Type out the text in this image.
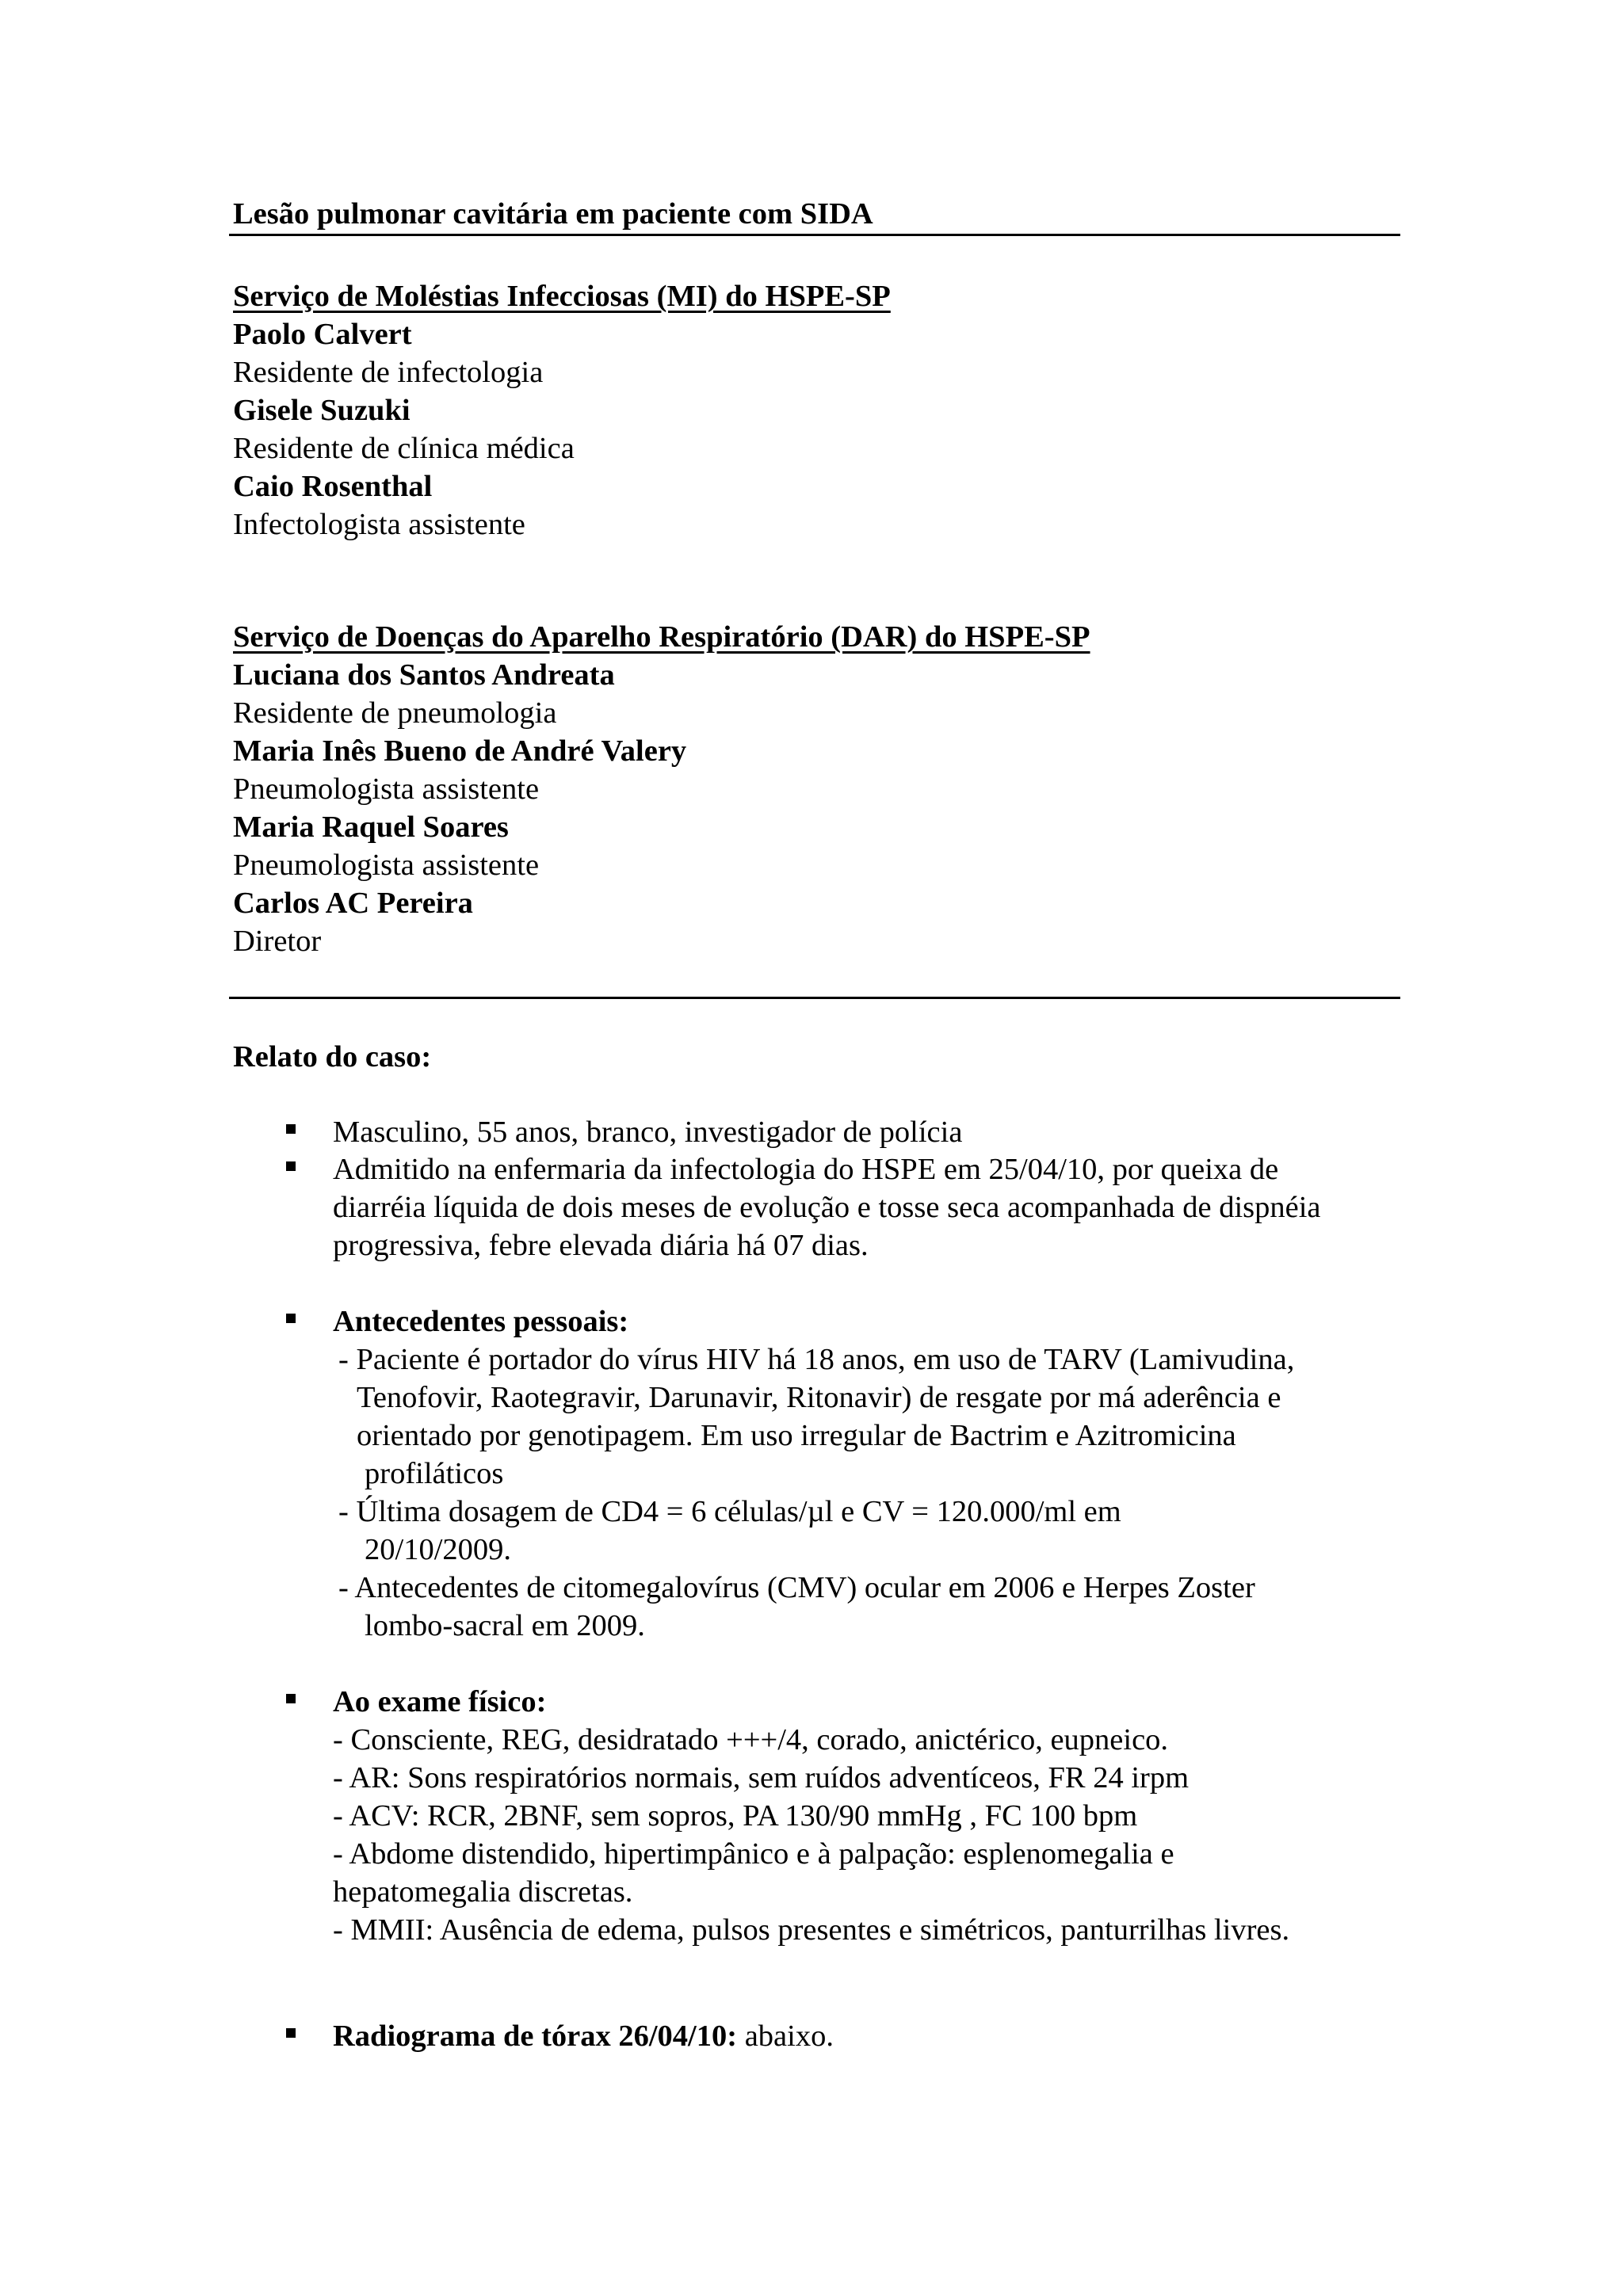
Lesão pulmonar cavitária em paciente com SIDA

Serviço de Moléstias Infecciosas (MI) do HSPE-SP

Paolo Calvert

Residente de infectologia

Gisele Suzuki

Residente de clínica médica

Caio Rosenthal

Infectologista assistente

Serviço de Doenças do Aparelho Respiratório (DAR) do HSPE-SP

Luciana dos Santos Andreata

Residente de pneumologia

Maria Inês Bueno de André Valery

Pneumologista assistente

Maria Raquel Soares

Pneumologista assistente

Carlos AC Pereira

Diretor

Relato do caso:

Masculino, 55 anos, branco, investigador de polícia

Admitido na enfermaria da infectologia do HSPE em 25/04/10, por queixa de

diarréia líquida de dois meses de evolução e tosse seca acompanhada de dispnéia

progressiva, febre elevada diária há 07 dias.

Antecedentes pessoais:

- Paciente é portador do vírus HIV há 18 anos, em uso de TARV (Lamivudina,

Tenofovir, Raotegravir, Darunavir, Ritonavir) de resgate por má aderência e

orientado por genotipagem. Em uso irregular de Bactrim e Azitromicina

profiláticos

- Última dosagem de CD4 = 6 células/µl e CV = 120.000/ml em

20/10/2009.

- Antecedentes de citomegalovírus (CMV) ocular em 2006 e Herpes Zoster

lombo-sacral em 2009.

Ao exame físico:

- Consciente, REG, desidratado +++/4, corado, anictérico, eupneico.

- AR: Sons respiratórios normais, sem ruídos adventíceos, FR 24 irpm

- ACV: RCR, 2BNF, sem sopros, PA 130/90 mmHg , FC 100 bpm

- Abdome distendido, hipertimpânico e à palpação: esplenomegalia e

hepatomegalia discretas.

- MMII: Ausência de edema, pulsos presentes e simétricos, panturrilhas livres.

Radiograma de tórax 26/04/10: abaixo.
